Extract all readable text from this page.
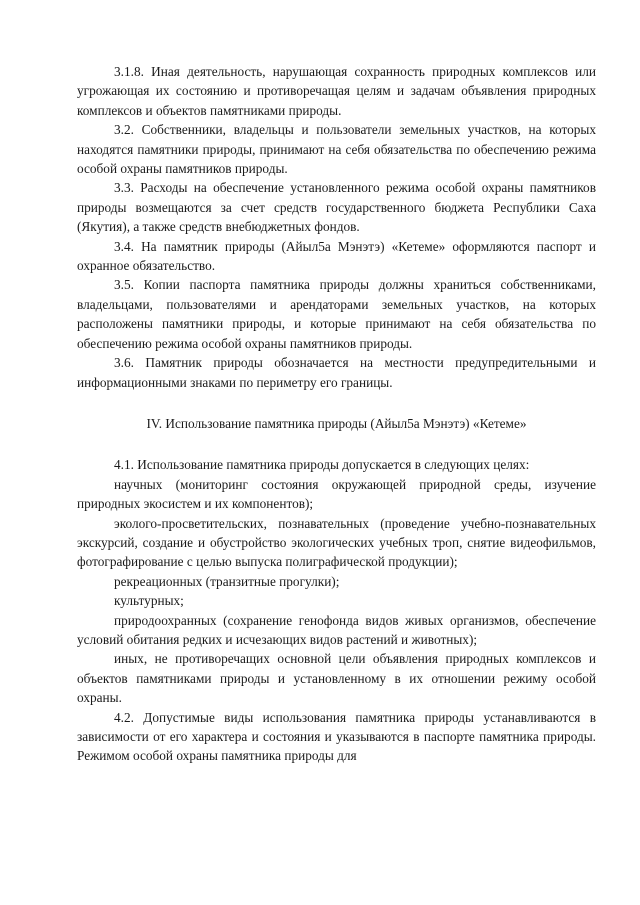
3.1.8. Иная деятельность, нарушающая сохранность природных комплексов или угрожающая их состоянию и противоречащая целям и задачам объявления природных комплексов и объектов памятниками природы.

3.2. Собственники, владельцы и пользователи земельных участков, на которых находятся памятники природы, принимают на себя обязательства по обеспечению режима особой охраны памятников природы.

3.3. Расходы на обеспечение установленного режима особой охраны памятников природы возмещаются за счет средств государственного бюджета Республики Саха (Якутия), а также средств внебюджетных фондов.

3.4. На памятник природы (Айыл5а Мэнэтэ) «Кетеме» оформляются паспорт и охранное обязательство.

3.5. Копии паспорта памятника природы должны храниться собственниками, владельцами, пользователями и арендаторами земельных участков, на которых расположены памятники природы, и которые принимают на себя обязательства по обеспечению режима особой охраны памятников природы.

3.6. Памятник природы обозначается на местности предупредительными и информационными знаками по периметру его границы.

IV. Использование памятника природы (Айыл5а Мэнэтэ) «Кетеме»

4.1. Использование памятника природы допускается в следующих целях:

научных (мониторинг состояния окружающей природной среды, изучение природных экосистем и их компонентов);

эколого-просветительских, познавательных (проведение учебно-познавательных экскурсий, создание и обустройство экологических учебных троп, снятие видеофильмов, фотографирование с целью выпуска полиграфической продукции);

рекреационных (транзитные прогулки);

культурных;

природоохранных (сохранение генофонда видов живых организмов, обеспечение условий обитания редких и исчезающих видов растений и животных);

иных, не противоречащих основной цели объявления природных комплексов и объектов памятниками природы и установленному в их отношении режиму особой охраны.

4.2. Допустимые виды использования памятника природы устанавливаются в зависимости от его характера и состояния и указываются в паспорте памятника природы. Режимом особой охраны памятника природы для
